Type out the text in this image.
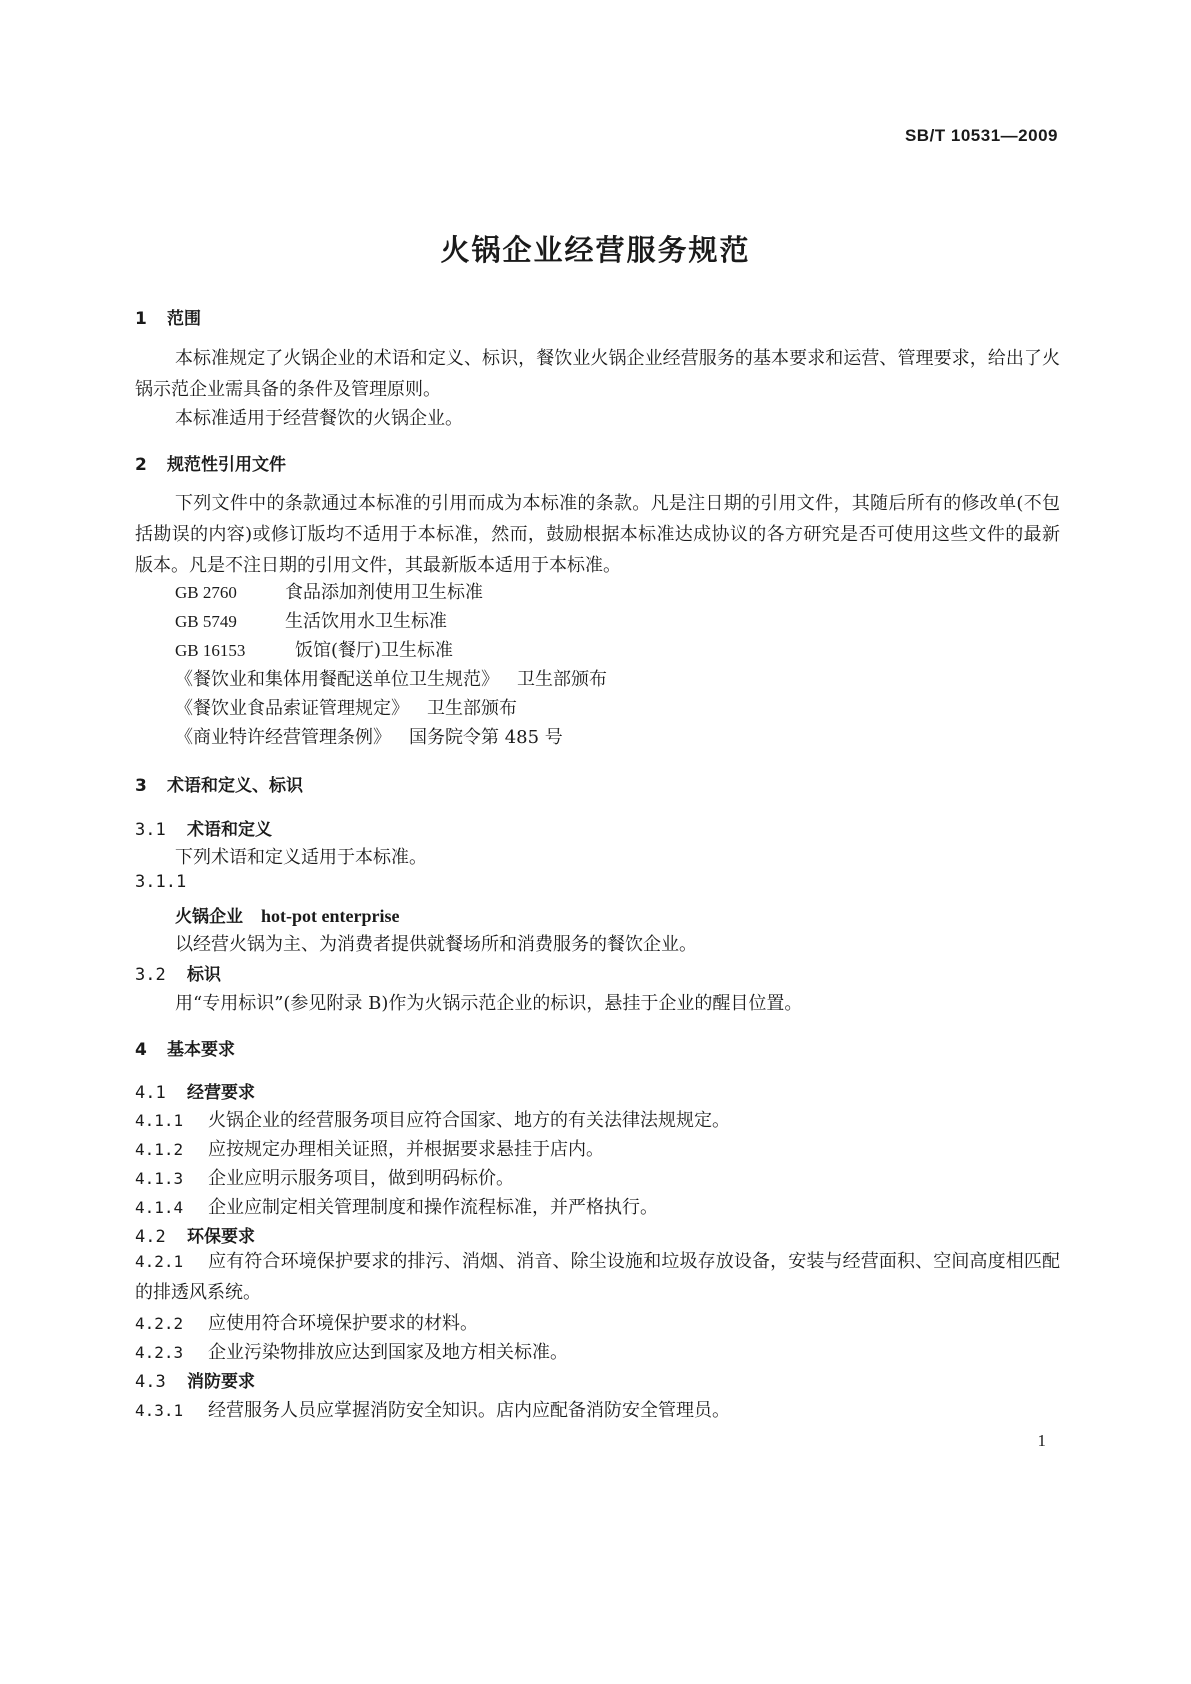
SB/T 10531—2009
火锅企业经营服务规范
1 范围
本标准规定了火锅企业的术语和定义、标识，餐饮业火锅企业经营服务的基本要求和运营、管理要求，给出了火锅示范企业需具备的条件及管理原则。
本标准适用于经营餐饮的火锅企业。
2 规范性引用文件
下列文件中的条款通过本标准的引用而成为本标准的条款。凡是注日期的引用文件，其随后所有的修改单(不包括勘误的内容)或修订版均不适用于本标准，然而，鼓励根据本标准达成协议的各方研究是否可使用这些文件的最新版本。凡是不注日期的引用文件，其最新版本适用于本标准。
GB 2760	食品添加剂使用卫生标准
GB 5749	生活饮用水卫生标准
GB 16153	饭馆(餐厅)卫生标准
《餐饮业和集体用餐配送单位卫生规范》 卫生部颁布
《餐饮业食品索证管理规定》 卫生部颁布
《商业特许经营管理条例》 国务院令第 485 号
3 术语和定义、标识
3.1 术语和定义
下列术语和定义适用于本标准。
3.1.1
火锅企业 hot-pot enterprise
以经营火锅为主、为消费者提供就餐场所和消费服务的餐饮企业。
3.2 标识
用“专用标识”(参见附录 B)作为火锅示范企业的标识，悬挂于企业的醒目位置。
4 基本要求
4.1 经营要求
4.1.1 火锅企业的经营服务项目应符合国家、地方的有关法律法规规定。
4.1.2 应按规定办理相关证照，并根据要求悬挂于店内。
4.1.3 企业应明示服务项目，做到明码标价。
4.1.4 企业应制定相关管理制度和操作流程标准，并严格执行。
4.2 环保要求
4.2.1 应有符合环境保护要求的排污、消烟、消音、除尘设施和垃圾存放设备，安装与经营面积、空间高度相匹配的排透风系统。
4.2.2 应使用符合环境保护要求的材料。
4.2.3 企业污染物排放应达到国家及地方相关标准。
4.3 消防要求
4.3.1 经营服务人员应掌握消防安全知识。店内应配备消防安全管理员。
1
